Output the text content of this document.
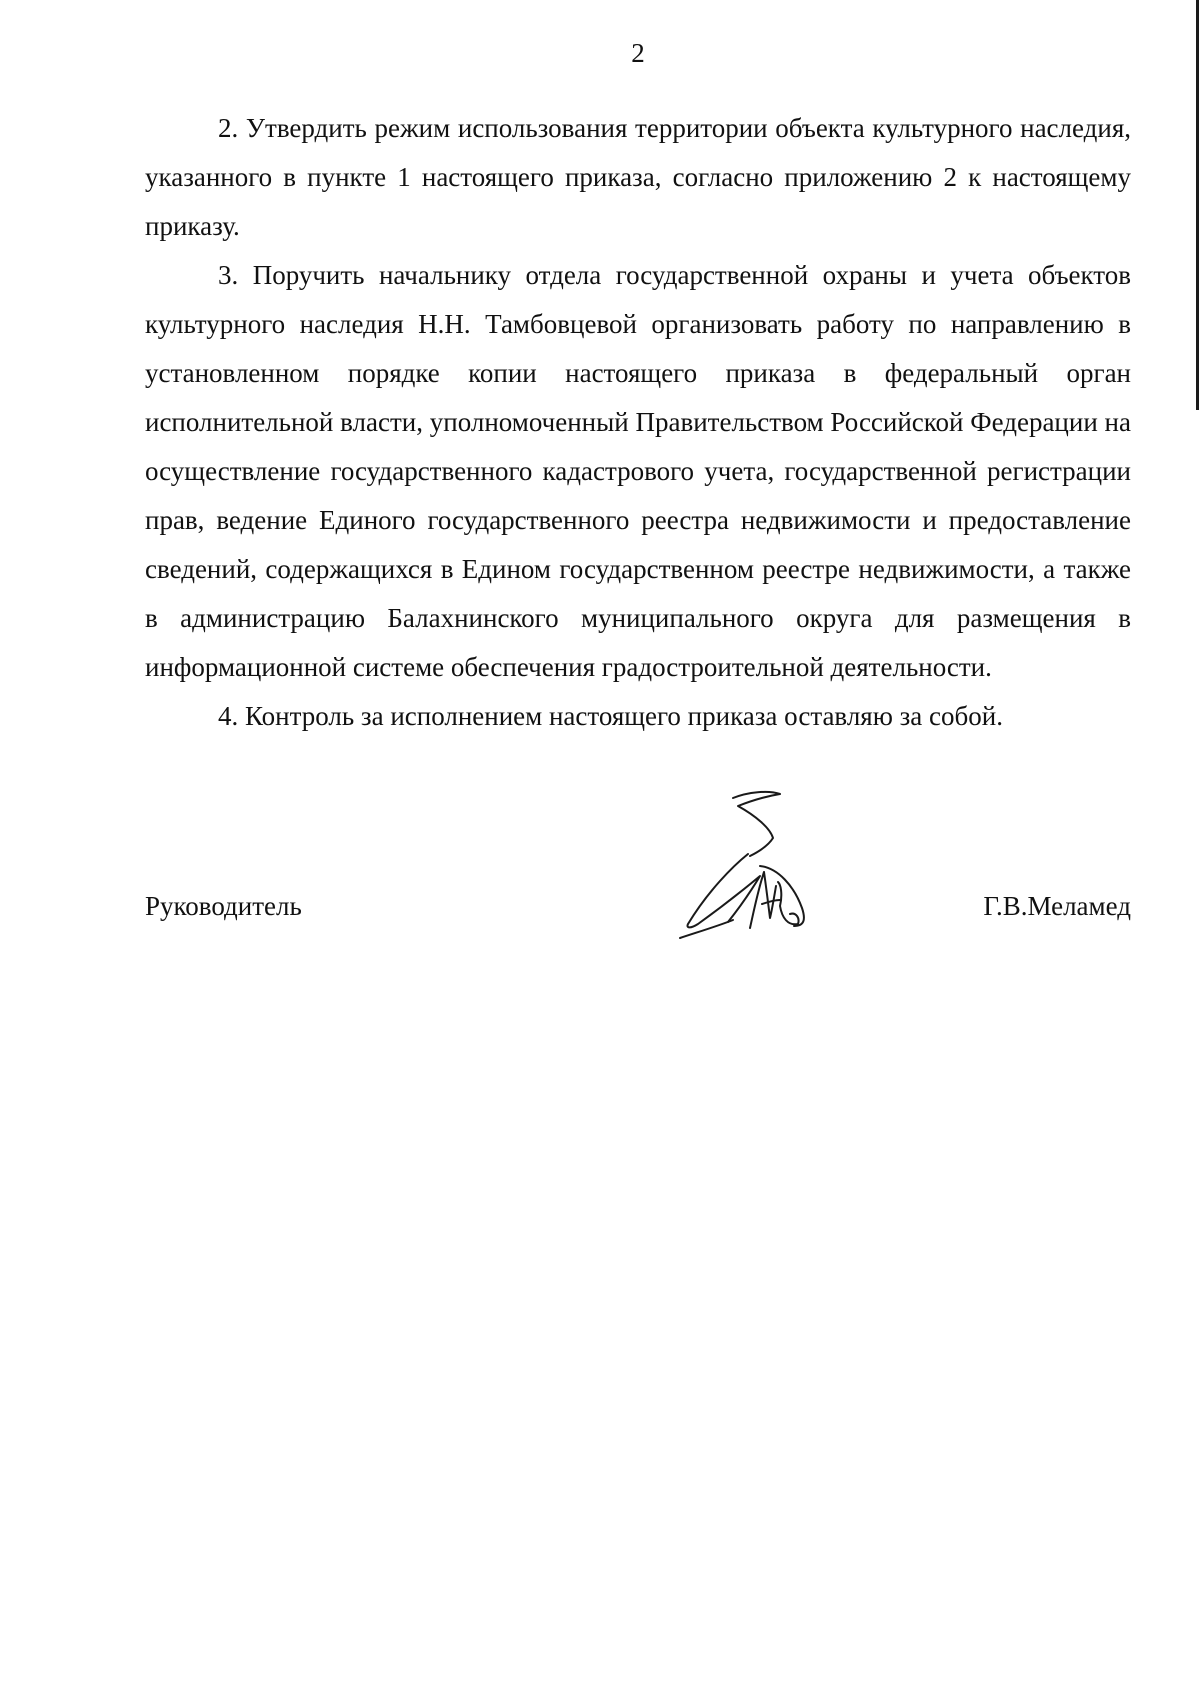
2

2. Утвердить режим использования территории объекта культурного наследия, указанного в пункте 1 настоящего приказа, согласно приложению 2 к настоящему приказу.

3. Поручить начальнику отдела государственной охраны и учета объектов культурного наследия Н.Н. Тамбовцевой организовать работу по направлению в установленном порядке копии настоящего приказа в федеральный орган исполнительной власти, уполномоченный Правительством Российской Федерации на осуществление государственного кадастрового учета, государственной регистрации прав, ведение Единого государственного реестра недвижимости и предоставление сведений, содержащихся в Едином государственном реестре недвижимости, а также в администрацию Балахнинского муниципального округа для размещения в информационной системе обеспечения градостроительной деятельности.

4. Контроль за исполнением настоящего приказа оставляю за собой.

Руководитель	Г.В.Меламед
